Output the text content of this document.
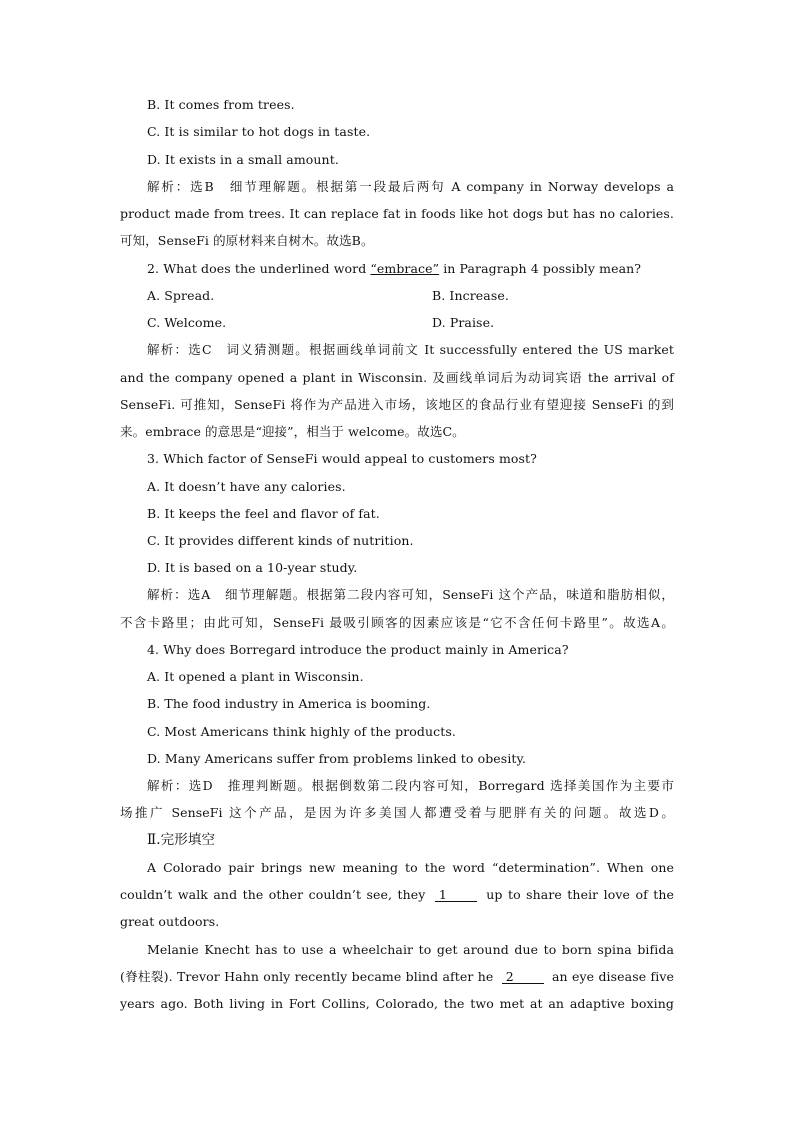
B. It comes from trees.
C. It is similar to hot dogs in taste.
D. It exists in a small amount.
解析：选B　细节理解题。根据第一段最后两句 A company in Norway develops a
product made from trees. It can replace fat in foods like hot dogs but has no calories.
可知，SenseFi 的原材料来自树木。故选B。
2. What does the underlined word “embrace” in Paragraph 4 possibly mean?
A. Spread.	B. Increase.
C. Welcome.	D. Praise.
解析：选C　词义猜测题。根据画线单词前文 It successfully entered the US market
and the company opened a plant in Wisconsin. 及画线单词后为动词宾语 the arrival of
SenseFi. 可推知，SenseFi 将作为产品进入市场，该地区的食品行业有望迎接 SenseFi 的到
来。embrace 的意思是“迎接”，相当于 welcome。故选C。
3. Which factor of SenseFi would appeal to customers most?
A. It doesn’t have any calories.
B. It keeps the feel and flavor of fat.
C. It provides different kinds of nutrition.
D. It is based on a 10-year study.
解析：选A　细节理解题。根据第二段内容可知，SenseFi 这个产品，味道和脂肪相似，
不含卡路里；由此可知，SenseFi 最吸引顾客的因素应该是“它不含任何卡路里”。故选A。
4. Why does Borregard introduce the product mainly in America?
A. It opened a plant in Wisconsin.
B. The food industry in America is booming.
C. Most Americans think highly of the products.
D. Many Americans suffer from problems linked to obesity.
解析：选D　推理判断题。根据倒数第二段内容可知，Borregard 选择美国作为主要市
场推广 SenseFi 这个产品，是因为许多美国人都遭受着与肥胖有关的问题。故选D。
Ⅱ.完形填空
A Colorado pair brings new meaning to the word “determination”. When one
couldn’t walk and the other couldn’t see, they 1	up to share their love of the
great outdoors.
Melanie Knecht has to use a wheelchair to get around due to born spina bifida
(脊柱裂). Trevor Hahn only recently became blind after he 2	an eye disease five
years ago. Both living in Fort Collins, Colorado, the two met at an adaptive boxing
